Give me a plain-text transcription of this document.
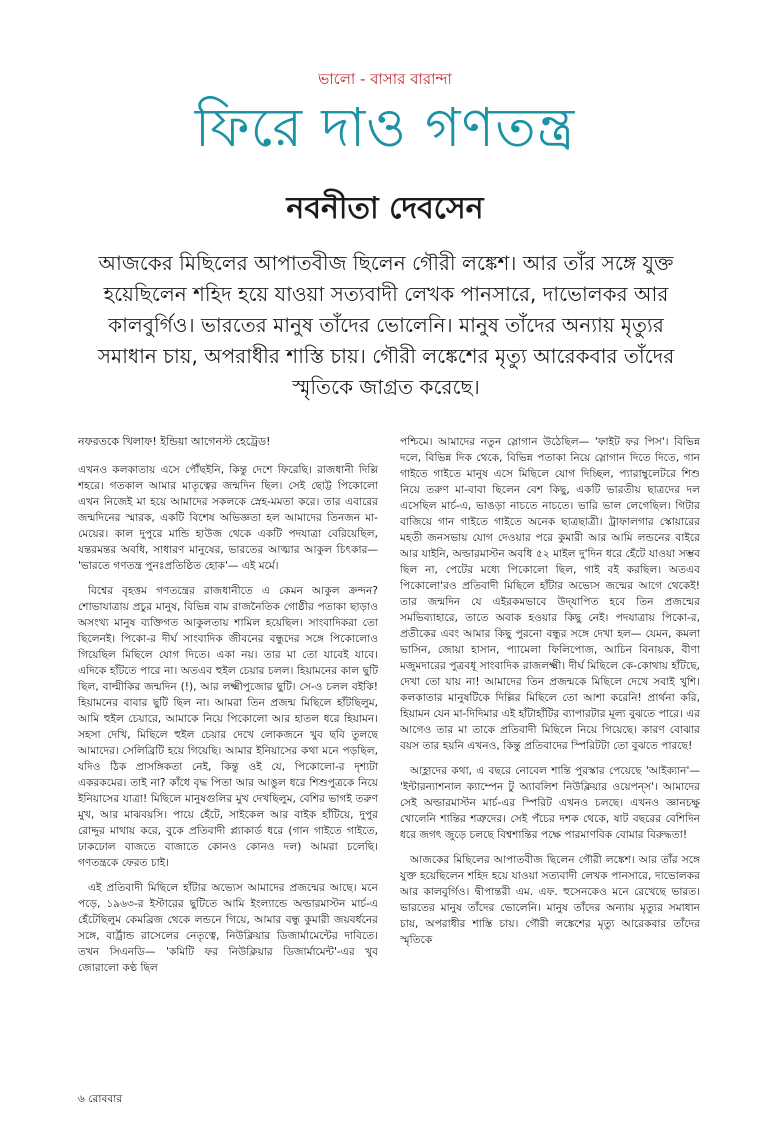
ভালো - বাসার বারান্দা
ফিরে দাও গণতন্ত্র
নবনীতা দেবসেন

আজকের মিছিলের আপাতবীজ ছিলেন গৌরী লঙ্কেশ। আর তাঁর সঙ্গে যুক্ত হয়েছিলেন শহিদ হয়ে যাওয়া সত্যবাদী লেখক পানসারে, দাভোলকর আর কালবুর্গিও। ভারতের মানুষ তাঁদের ভোলেনি। মানুষ তাঁদের অন্যায় মৃত্যুর সমাধান চায়, অপরাধীর শাস্তি চায়। গৌরী লঙ্কেশের মৃত্যু আরেকবার তাঁদের স্মৃতিকে জাগ্রত করেছে।

নফরতকে খিলাফ! ইন্ডিয়া আগেনস্ট হেট্রেড!

এখনও কলকাতায় এসে পৌঁছইনি, কিন্তু দেশে ফিরেছি। রাজধানী দিল্লি শহরে। গতকাল আমার মাতৃত্বের জন্মদিন ছিল। সেই ছোট্ট পিকোলো এখন নিজেই মা হয়ে আমাদের সকলকে স্নেহ-মমতা করে। তার এবারের জন্মদিনের স্মারক, একটি বিশেষ অভিজ্ঞতা হল আমাদের তিনজন মা-মেয়ের। কাল দুপুরে মান্ডি হাউজ থেকে একটি পদযাত্রা বেরিয়েছিল, যন্তরমন্তর অবধি, সাধারণ মানুষের, ভারতের আত্মার আকুল চিৎকার— 'ভারতে গণতন্ত্র পুনঃপ্রতিষ্ঠিত হোক'— এই মর্মে।

বিশ্বের বৃহত্তম গণতন্ত্রের রাজধানীতে এ কেমন আকুল ক্রন্দন? শোভাযাত্রায় প্রচুর মানুষ, বিভিন্ন বাম রাজনৈতিক গোষ্ঠীর পতাকা ছাড়াও অসংখ্য মানুষ ব্যক্তিগত আকুলতায় শামিল হয়েছিল। সাংবাদিকরা তো ছিলেনই। পিকো-র দীর্ঘ সাংবাদিক জীবনের বন্ধুদের সঙ্গে পিকোলোও গিয়েছিল মিছিলে যোগ দিতে। একা নয়। তার মা তো যাবেই যাবে। এদিকে হাঁটতে পারে না। অতএব হুইল চেয়ার চলল। হিয়ামনের কাল ছুটি ছিল, বাল্মীকির জন্মদিন (!), আর লক্ষ্মীপুজোর ছুটি। সে-ও চলল বইকি! হিয়ামনের বাবার ছুটি ছিল না। আমরা তিন প্রজন্ম মিছিলে হাঁটছিলুম, আমি হুইল চেয়ারে, আমাকে নিয়ে পিকোলো আর হাতল ধরে হিয়ামন। সহসা দেখি, মিছিলে হুইল চেয়ার দেখে লোকজনে খুব ছবি তুলছে আমাদের। সেলিব্রিটি হয়ে গিয়েছি। আমার ইনিয়াসের কথা মনে পড়ছিল, যদিও ঠিক প্রাসঙ্গিকতা নেই, কিন্তু ওই যে, পিকোলো-র দৃশ্যটা একরকমের। তাই না? কাঁধে বৃদ্ধ পিতা আর আঙুল ধরে শিশুপুত্রকে নিয়ে ইনিয়াসের যাত্রা! মিছিলে মানুষগুলির মুখ দেখছিলুম, বেশির ভাগই তরুণ মুখ, আর মাঝবয়সি। পায়ে হেঁটে, সাইকেল আর বাইক হাঁটিয়ে, দুপুর রোদ্দুর মাথায় করে, বুকে প্রতিবাদী প্ল্যাকার্ড ধরে (গান গাইতে গাইতে, ঢাকঢোল বাজতে বাজাতে কোনও কোনও দল) আমরা চলেছি। গণতন্ত্রকে ফেরত চাই।

এই প্রতিবাদী মিছিলে হাঁটার অভ্যেস আমাদের প্রজন্মের আছে। মনে পড়ে, ১৯৬৩-র ইস্টারের ছুটিতে আমি ইংল্যান্ডে অল্ডারমাস্টন মার্চ-এ হেঁটেছিলুম কেমব্রিজ থেকে লন্ডনে গিয়ে, আমার বন্ধু কুমারী জয়বর্ধনের সঙ্গে, বার্ট্রান্ড রাসেলের নেতৃত্বে, নিউক্লিয়ার ডিজার্মামেন্টের দাবিতে। তখন সিএনডি— 'কমিটি ফর নিউক্লিয়ার ডিজার্মামেন্ট'-এর খুব জোরালো কণ্ঠ ছিল

পশ্চিমে। আমাদের নতুন স্লোগান উঠেছিল— 'ফাইট ফর পিস'। বিভিন্ন দলে, বিভিন্ন দিক থেকে, বিভিন্ন পতাকা নিয়ে স্লোগান দিতে দিতে, গান গাইতে গাইতে মানুষ এসে মিছিলে যোগ দিচ্ছিল, প্যারাম্বুলেটরে শিশু নিয়ে তরুণ মা-বাবা ছিলেন বেশ কিছু, একটি ভারতীয় ছাত্রদের দল এসেছিল মার্চ-এ, ভাঙড়া নাচতে নাচতে। ভারি ভাল লেগেছিল। গিটার বাজিয়ে গান গাইতে গাইতে অনেক ছাত্রছাত্রী। ট্রাফালগার স্কোয়ারের মহতী জনসভায় যোগ দেওয়ার পরে কুমারী আর আমি লন্ডনের বাইরে আর যাইনি, অল্ডারমাস্টন অবধি ৫২ মাইল দু'দিন ধরে হেঁটে যাওয়া সম্ভব ছিল না, পেটের মধ্যে পিকোলো ছিল, গাই বই করছিল। অতএব পিকোলো'রও প্রতিবাদী মিছিলে হাঁটার অভ্যেস জন্মের আগে থেকেই! তার জন্মদিন যে এইরকমভাবে উদ্‌যাপিত হবে তিন প্রজন্মের সমভিব্যাহারে, তাতে অবাক হওয়ার কিছু নেই। পদযাত্রায় পিকো-র, প্রতীকের এবং আমার কিছু পুরনো বন্ধুর সঙ্গে দেখা হল— যেমন, কমলা ভাসিন, জোয়া হাসান, প্যামেলা ফিলিপোজ, আচিন বিনায়ক, বীণা মজুমদারের পুত্রবধূ সাংবাদিক রাজলক্ষ্মী। দীর্ঘ মিছিলে কে-কোথায় হাঁটছে, দেখা তো যায় না! আমাদের তিন প্রজন্মকে মিছিলে দেখে সবাই খুশি। কলকাতার মানুষটিকে দিল্লির মিছিলে তো আশা করেনি! প্রার্থনা করি, হিয়ামন যেন মা-দিদিমার এই হাঁটাহাঁটির ব্যাপারটার মূল্য বুঝতে পারে। এর আগেও তার মা তাকে প্রতিবাদী মিছিলে নিয়ে গিয়েছে। কারণ বোঝার বয়স তার হয়নি এখনও, কিন্তু প্রতিবাদের স্পিরিটটা তো বুঝতে পারছে!

আহ্লাদের কথা, এ বছরে নোবেল শান্তি পুরস্কার পেয়েছে 'আইক্যান'— 'ইন্টারন্যাশনাল ক্যাম্পেন টু অ্যাবলিশ নিউক্লিয়ার ওয়েপন্‌স'। আমাদের সেই অল্ডারমাস্টন মার্চ-এর স্পিরিট এখনও চলছে। এখনও জ্ঞানচক্ষু খোলেনি শান্তির শত্রুদের। সেই পঁচের দশক থেকে, ষাট বছরের বেশিদিন ধরে জগৎ জুড়ে চলছে বিশ্বশান্তির পক্ষে পারমাণবিক বোমার বিরুদ্ধতা!

আজকের মিছিলের আপাতবীজ ছিলেন গৌরী লঙ্কেশ। আর তাঁর সঙ্গে যুক্ত হয়েছিলেন শহিদ হয়ে যাওয়া সত্যবাদী লেখক পানসারে, দাভোলকর আর কালবুর্গিও। দ্বীপান্তরী এম. এফ. হুসেনকেও মনে রেখেছে ভারত। ভারতের মানুষ তাঁদের ভোলেনি। মানুষ তাঁদের অন্যায় মৃত্যুর সমাধান চায়, অপরাধীর শাস্তি চায়। গৌরী লঙ্কেশের মৃত্যু আরেকবার তাঁদের স্মৃতিকে

৬ রোববার
